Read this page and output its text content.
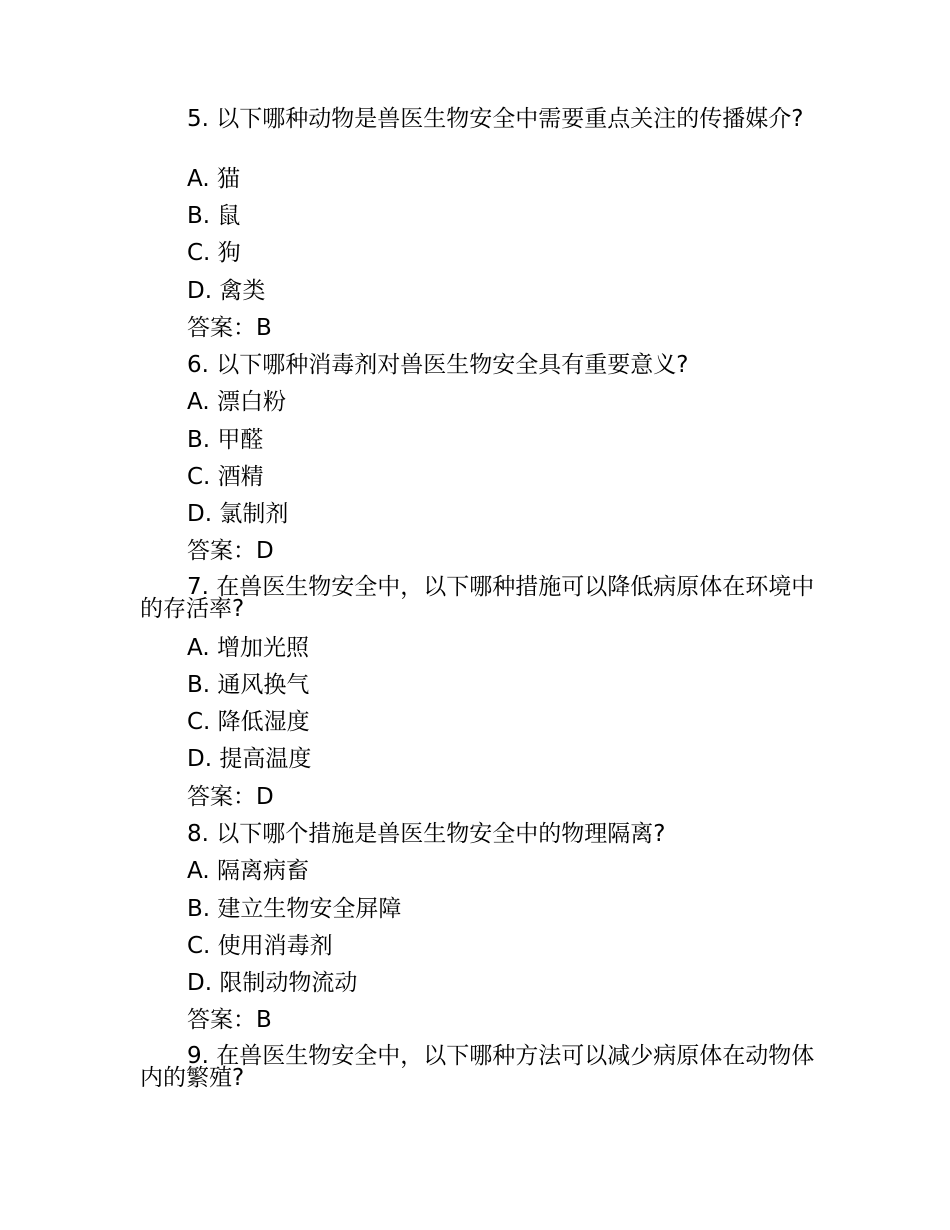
5. 以下哪种动物是兽医生物安全中需要重点关注的传播媒介?
A. 猫
B. 鼠
C. 狗
D. 禽类
答案：B
6. 以下哪种消毒剂对兽医生物安全具有重要意义?
A. 漂白粉
B. 甲醛
C. 酒精
D. 氯制剂
答案：D
7. 在兽医生物安全中，以下哪种措施可以降低病原体在环境中的存活率?
A. 增加光照
B. 通风换气
C. 降低湿度
D. 提高温度
答案：D
8. 以下哪个措施是兽医生物安全中的物理隔离?
A. 隔离病畜
B. 建立生物安全屏障
C. 使用消毒剂
D. 限制动物流动
答案：B
9. 在兽医生物安全中，以下哪种方法可以减少病原体在动物体内的繁殖?
